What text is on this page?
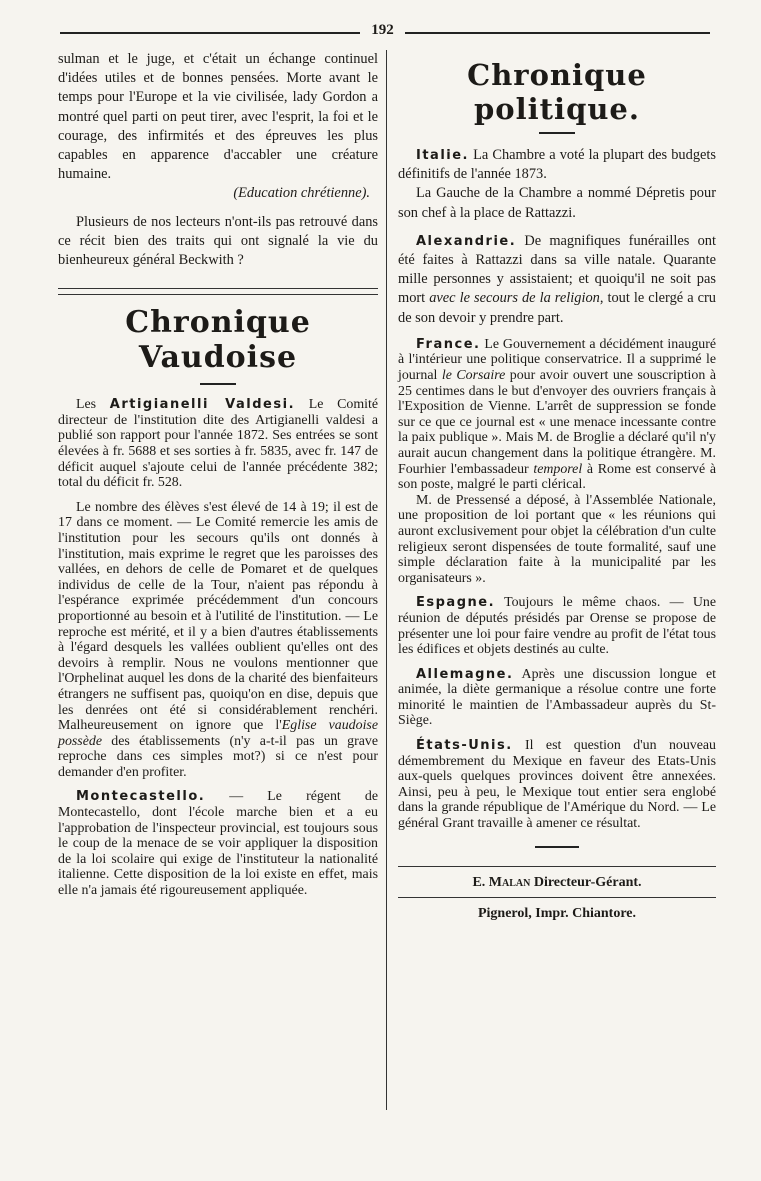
192

sulman et le juge, et c'était un échange continuel d'idées utiles et de bonnes pensées. Morte avant le temps pour l'Europe et la vie civilisée, lady Gordon a montré quel parti on peut tirer, avec l'esprit, la foi et le courage, des infirmités et des épreuves les plus capables en apparence d'accabler une créature humaine.

(Education chrétienne).

Plusieurs de nos lecteurs n'ont-ils pas retrouvé dans ce récit bien des traits qui ont signalé la vie du bienheureux général Beckwith ?

Chronique Vaudoise

Les Artigianelli Valdesi. Le Comité directeur de l'institution dite des Artigianelli valdesi a publié son rapport pour l'année 1872. Ses entrées se sont élevées à fr. 5688 et ses sorties à fr. 5835, avec fr. 147 de déficit auquel s'ajoute celui de l'année précédente 382; total du déficit fr. 528.

Le nombre des élèves s'est élevé de 14 à 19; il est de 17 dans ce moment. — Le Comité remercie les amis de l'institution pour les secours qu'ils ont donnés à l'institution, mais exprime le regret que les paroisses des vallées, en dehors de celle de Pomaret et de quelques individus de celle de la Tour, n'aient pas répondu à l'espérance exprimée précédemment d'un concours proportionné au besoin et à l'utilité de l'institution. — Le reproche est mérité, et il y a bien d'autres établissements à l'égard desquels les vallées oublient qu'elles ont des devoirs à remplir. Nous ne voulons mentionner que l'Orphelinat auquel les dons de la charité des bienfaiteurs étrangers ne suffisent pas, quoiqu'on en dise, depuis que les denrées ont été si considérablement renchéri. Malheureusement on ignore que l'Eglise vaudoise possède des établissements (n'y a-t-il pas un grave reproche dans ces simples mot?) si ce n'est pour demander d'en profiter.

Montecastello. — Le régent de Montecastello, dont l'école marche bien et a eu l'approbation de l'inspecteur provincial, est toujours sous le coup de la menace de se voir appliquer la disposition de la loi scolaire qui exige de l'instituteur la nationalité italienne. Cette disposition de la loi existe en effet, mais elle n'a jamais été rigoureusement appliquée.

Chronique politique.

Italie. La Chambre a voté la plupart des budgets définitifs de l'année 1873.

La Gauche de la Chambre a nommé Dépretis pour son chef à la place de Rattazzi.

Alexandrie. De magnifiques funérailles ont été faites à Rattazzi dans sa ville natale. Quarante mille personnes y assistaient; et quoiqu'il ne soit pas mort avec le secours de la religion, tout le clergé a cru de son devoir y prendre part.

France. Le Gouvernement a décidément inauguré à l'intérieur une politique conservatrice. Il a supprimé le journal le Corsaire pour avoir ouvert une souscription à 25 centimes dans le but d'envoyer des ouvriers français à l'Exposition de Vienne. L'arrêt de suppression se fonde sur ce que ce journal est « une menace incessante contre la paix publique ». Mais M. de Broglie a déclaré qu'il n'y aurait aucun changement dans la politique étrangère. M. Fourhier l'embassadeur temporel à Rome est conservé à son poste, malgré le parti clérical.

M. de Pressensé a déposé, à l'Assemblée Nationale, une proposition de loi portant que « les réunions qui auront exclusivement pour objet la célébration d'un culte religieux seront dispensées de toute formalité, sauf une simple déclaration faite à la municipalité par les organisateurs ».

Espagne. Toujours le même chaos. — Une réunion de députés présidés par Orense se propose de présenter une loi pour faire vendre au profit de l'état tous les édifices et objets destinés au culte.

Allemagne. Après une discussion longue et animée, la diète germanique a résolue contre une forte minorité le maintien de l'Ambassadeur auprès du St-Siège.

États-Unis. Il est question d'un nouveau démembrement du Mexique en faveur des Etats-Unis aux-quels quelques provinces doivent être annexées. Ainsi, peu à peu, le Mexique tout entier sera englobé dans la grande république de l'Amérique du Nord. — Le général Grant travaille à amener ce résultat.

E. Malan Directeur-Gérant.
Pignerol, Impr. Chiantore.
